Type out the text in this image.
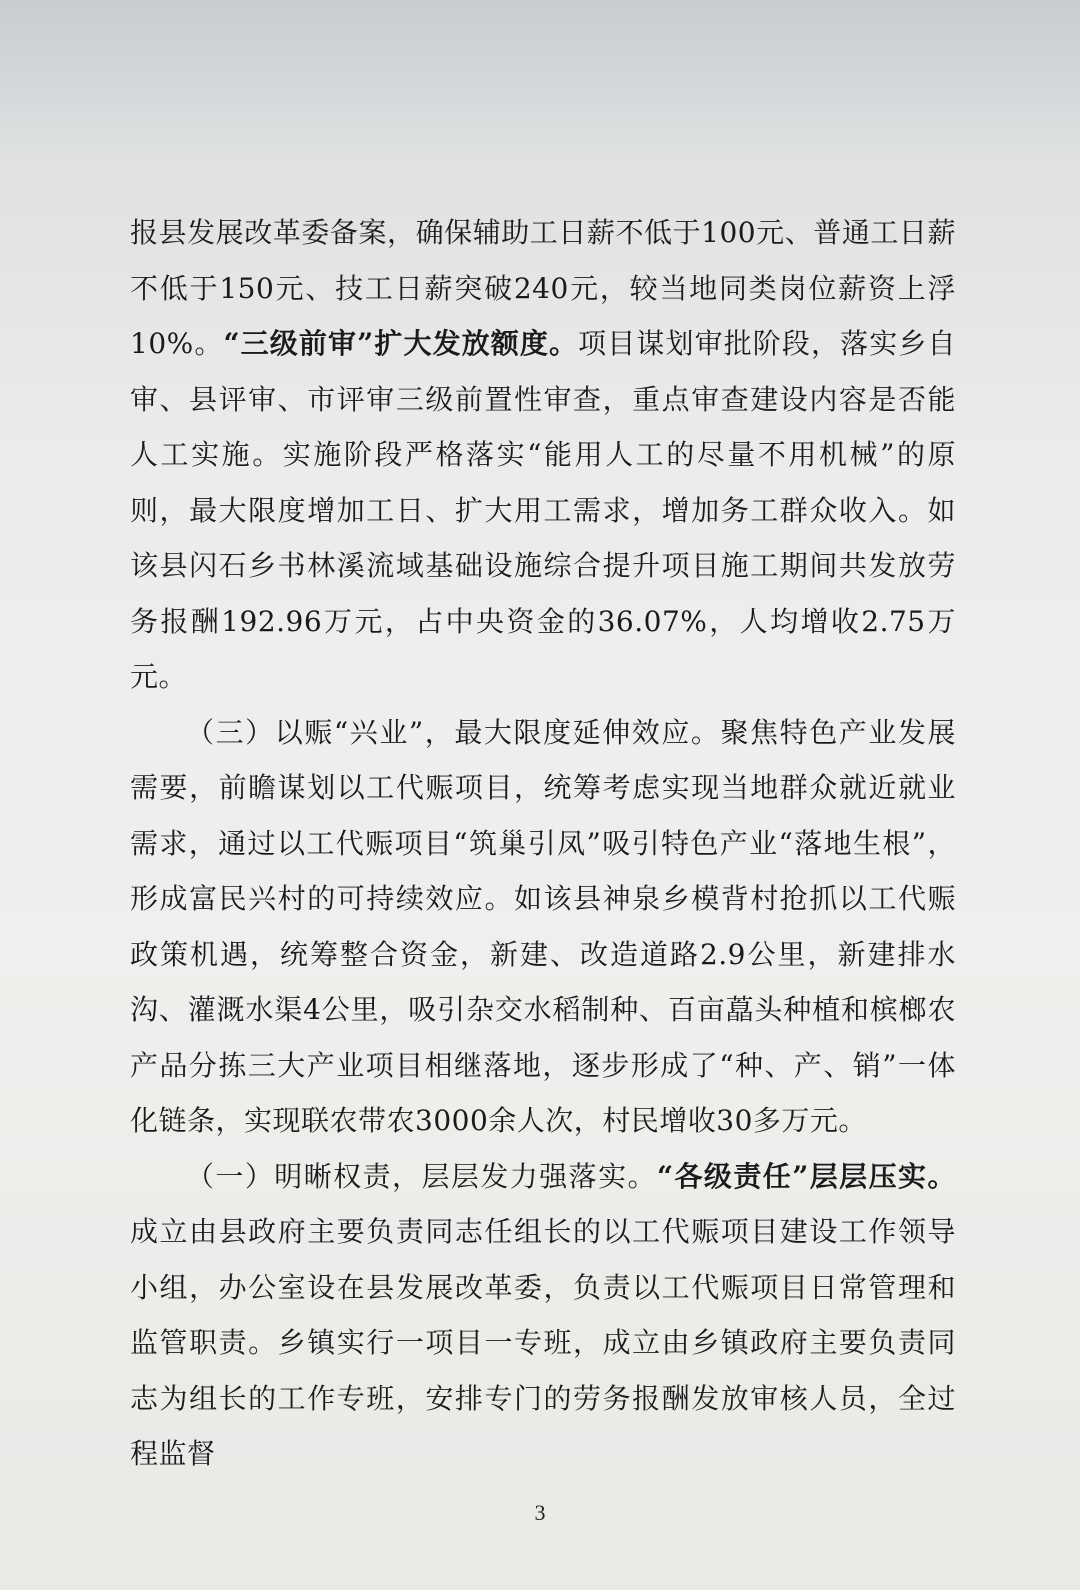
报县发展改革委备案，确保辅助工日薪不低于100元、普通工日薪不低于150元、技工日薪突破240元，较当地同类岗位薪资上浮10%。“三级前审”扩大发放额度。项目谋划审批阶段，落实乡自审、县评审、市评审三级前置性审查，重点审查建设内容是否能人工实施。实施阶段严格落实“能用人工的尽量不用机械”的原则，最大限度增加工日、扩大用工需求，增加务工群众收入。如该县闪石乡书林溪流域基础设施综合提升项目施工期间共发放劳务报酬192.96万元，占中央资金的36.07%，人均增收2.75万元。

（三）以赈“兴业”，最大限度延伸效应。聚焦特色产业发展需要，前瞻谋划以工代赈项目，统筹考虑实现当地群众就近就业需求，通过以工代赈项目“筑巢引凤”吸引特色产业“落地生根”，形成富民兴村的可持续效应。如该县神泉乡模背村抢抓以工代赈政策机遇，统筹整合资金，新建、改造道路2.9公里，新建排水沟、灌溉水渠4公里，吸引杂交水稻制种、百亩藠头种植和槟榔农产品分拣三大产业项目相继落地，逐步形成了“种、产、销”一体化链条，实现联农带农3000余人次，村民增收30多万元。

（一）明晰权责，层层发力强落实。“各级责任”层层压实。成立由县政府主要负责同志任组长的以工代赈项目建设工作领导小组，办公室设在县发展改革委，负责以工代赈项目日常管理和监管职责。乡镇实行一项目一专班，成立由乡镇政府主要负责同志为组长的工作专班，安排专门的劳务报酬发放审核人员，全过程监督

3
